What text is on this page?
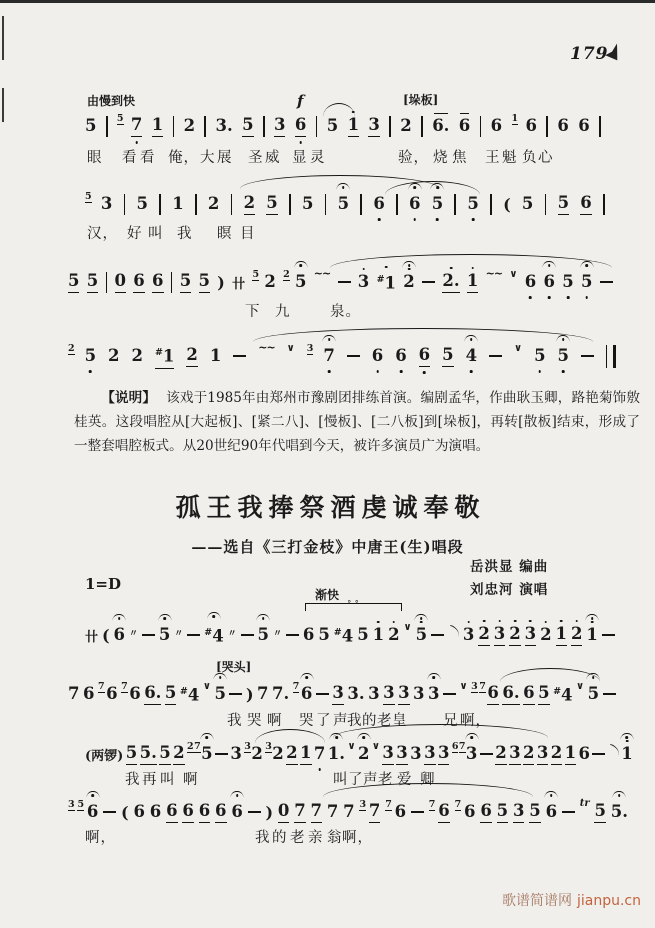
179
5 5 7 1 2 3. 5 3 6 5 1 3 2 6. 6 6 1 6 6 6
由慢到快	f	[垛板]
眼 看 看 俺， 大 展 圣 威 显 灵	验， 烧 焦 王 魁 负 心
5 3 5 1 2 2 5 5 5 6 6 5 5 ( 5 5 6
汉， 好 叫 我 瞑 目
5 5 0 6 6 5 5 ) 卄
5 2 2 5 ~~ 3 #1 2 2. 1 ~~ ∨ 6 6 5 5
下 九	泉。
2 5 2 2 #1 2 1	~~ ∨ 3 7 6 6 6 5 4	∨ 5 5
卄 ( 6 〃 5 〃 #4 〃 5 〃 6 5 #4 5 1 2 ∨ 5 3 2 3 2 3 2 1 2 1
渐快
° °
7 6 7 6 7 6 6. 5 #4 ∨ 5 ) 7 7. 7 6 3 3. 3 3 3 3 3 ∨ 3 7 6 6. 6 5 #4 ∨ 5
[哭头]
我 哭 啊 哭 了 声
我 的 老 皇 兄 啊，
(两锣) 5 5. 5 2 2 7 5 3 3 2 3 2 2 1 7 1. ∨ 2 ∨ 3 3 3 3 3 6 7 3 2 3 2 3 2 1 6 1
我 再 叫 啊	叫 了 声 老 爱 卿
3 5 6 ( 6 6 6 6 6 6 6 ) 0 7 7 7 7 3 7 7 6 7 6 7 6 6 5 3 5 6 tr 5 5.
啊，	我 的 老 亲 翁 啊，

【说明】 该戏于1985年由郑州市豫剧团排练首演。编剧孟华，作曲耿玉卿，路艳菊饰敫桂英。这段唱腔从[大起板]、[紧二八]、[慢板]、[二八板]到[垛板]，再转[散板]结束，形成了一整套唱腔板式。从20世纪90年代唱到今天，被许多演员广为演唱。

孤王我捧祭酒虔诚奉敬
——选自《三打金枝》中唐王(生)唱段
岳洪显 编曲
刘忠河 演唱
1=D
歌谱简谱网 jianpu.cn
